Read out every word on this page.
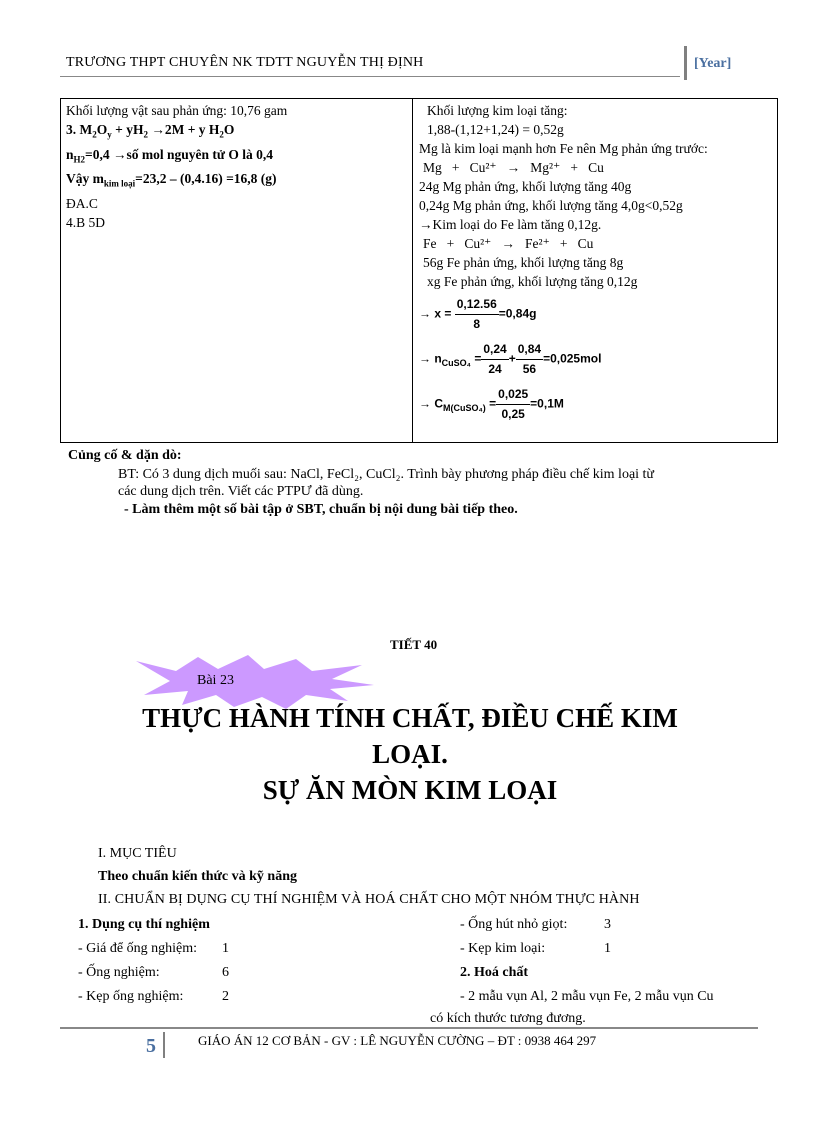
TRƯƠNG THPT CHUYÊN NK TDTT NGUYỄN THỊ ĐỊNH	[Year]
Khối lượng vật sau phản ứng: 10,76 gam
3. $M_2O_y + yH_2 \to 2M + y$ $H_2O$
$n_{H2}=0,4$ →số mol nguyên tử O là 0,4
Vậy $m_{kim loại}=23,2 - (0,4.16) =16,8$ (g)
ĐA.C
4.B 5D
Khối lượng kim loại tăng:
1,88-(1,12+1,24) = 0,52g
Mg là kim loại mạnh hơn Fe nên Mg phản ứng trước:
Mg   +   Cu²⁺   →   Mg²⁺   +   Cu
24g Mg phản ứng, khối lượng tăng 40g
0,24g Mg phản ứng, khối lượng tăng 4,0g<0,52g
→Kim loại do Fe làm tăng 0,12g.
Fe   +   Cu²⁺   →   Fe²⁺   +   Cu
56g Fe phản ứng, khối lượng tăng 8g
xg Fe phản ứng, khối lượng tăng 0,12g
→ $x = \frac{0,12.56}{8} =0,84g$
→ $n_{CuSO_4} = \frac{0,24}{24} + \frac{0,84}{56} =0,025mol$
→ $C_{M(CuSO_4)} = \frac{0,025}{0,25} =0,1M$
Củng cố & dặn dò:
BT: Có 3 dung dịch muối sau: NaCl, FeCl₂, CuCl₂. Trình bày phương pháp điều chế kim loại từ
các dung dịch trên. Viết các PTPƯ đã dùng.
- Làm thêm một số bài tập ở SBT, chuẩn bị nội dung bài tiếp theo.
TIẾT 40
Bài 23
THỰC HÀNH TÍNH CHẤT, ĐIỀU CHẾ KIM
LOẠI.
SỰ ĂN MÒN KIM LOẠI
I. MỤC TIÊU
Theo chuẩn kiến thức và kỹ năng
II. CHUẨN BỊ DỤNG CỤ THÍ NGHIỆM VÀ HOÁ CHẤT CHO MỘT NHÓM THỰC HÀNH
1. Dụng cụ thí nghiệm
- Giá để ống nghiệm: 1
- Ống nghiệm:	6
- Kẹp ống nghiệm:	2
- Ống hút nhỏ giọt:	3
- Kẹp kim loại:	1
2. Hoá chất
- 2 mẫu vụn Al, 2 mẫu vụn Fe, 2 mẫu vụn Cu
có kích thước tương đương.
5	GIÁO ÁN 12 CƠ BẢN - GV : LÊ NGUYỄN CƯỜNG – ĐT : 0938 464 297
